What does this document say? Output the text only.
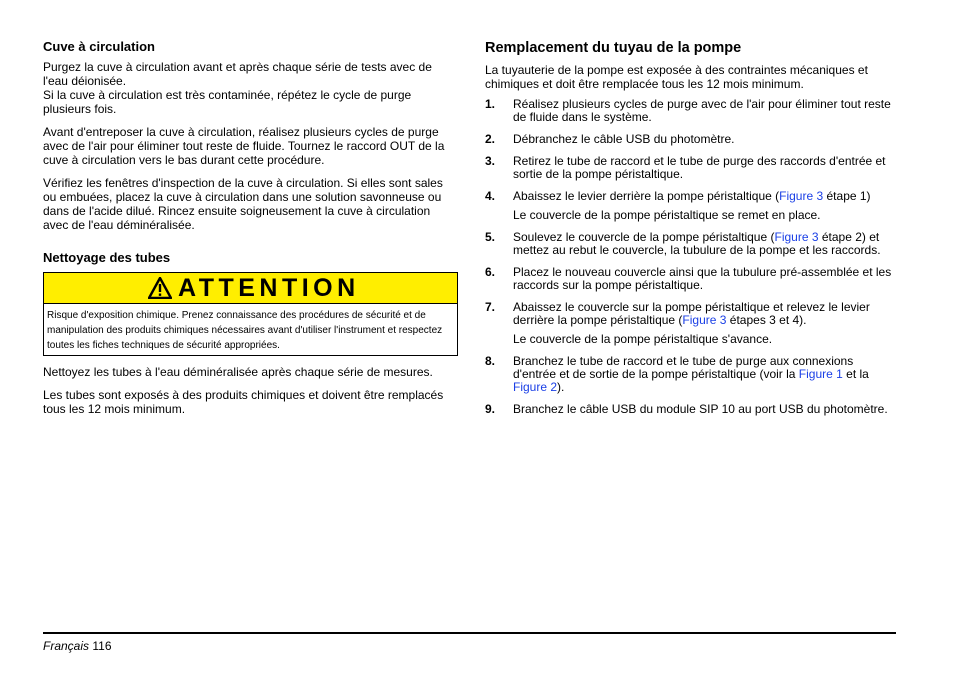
Cuve à circulation

Purgez la cuve à circulation avant et après chaque série de tests avec de l'eau déionisée.

Si la cuve à circulation est très contaminée, répétez le cycle de purge plusieurs fois.

Avant d'entreposer la cuve à circulation, réalisez plusieurs cycles de purge avec de l'air pour éliminer tout reste de fluide. Tournez le raccord OUT de la cuve à circulation vers le bas durant cette procédure.

Vérifiez les fenêtres d'inspection de la cuve à circulation. Si elles sont sales ou embuées, placez la cuve à circulation dans une solution savonneuse ou dans de l'acide dilué. Rincez ensuite soigneusement la cuve à circulation avec de l'eau déminéralisée.

Nettoyage des tubes
ATTENTION
Risque d'exposition chimique. Prenez connaissance des procédures de sécurité et de manipulation des produits chimiques nécessaires avant d'utiliser l'instrument et respectez toutes les fiches techniques de sécurité appropriées.

Nettoyez les tubes à l'eau déminéralisée après chaque série de mesures.

Les tubes sont exposés à des produits chimiques et doivent être remplacés tous les 12 mois minimum.

Remplacement du tuyau de la pompe

La tuyauterie de la pompe est exposée à des contraintes mécaniques et chimiques et doit être remplacée tous les 12 mois minimum.

1. Réalisez plusieurs cycles de purge avec de l'air pour éliminer tout reste de fluide dans le système.

2. Débranchez le câble USB du photomètre.

3. Retirez le tube de raccord et le tube de purge des raccords d'entrée et sortie de la pompe péristaltique.

4. Abaissez le levier derrière la pompe péristaltique (Figure 3 étape 1)

Le couvercle de la pompe péristaltique se remet en place.

5. Soulevez le couvercle de la pompe péristaltique (Figure 3 étape 2) et mettez au rebut le couvercle, la tubulure de la pompe et les raccords.

6. Placez le nouveau couvercle ainsi que la tubulure pré-assemblée et les raccords sur la pompe péristaltique.

7. Abaissez le couvercle sur la pompe péristaltique et relevez le levier derrière la pompe péristaltique (Figure 3 étapes 3 et 4).

Le couvercle de la pompe péristaltique s'avance.

8. Branchez le tube de raccord et le tube de purge aux connexions d'entrée et de sortie de la pompe péristaltique (voir la Figure 1 et la Figure 2).

9. Branchez le câble USB du module SIP 10 au port USB du photomètre.

Français 116
